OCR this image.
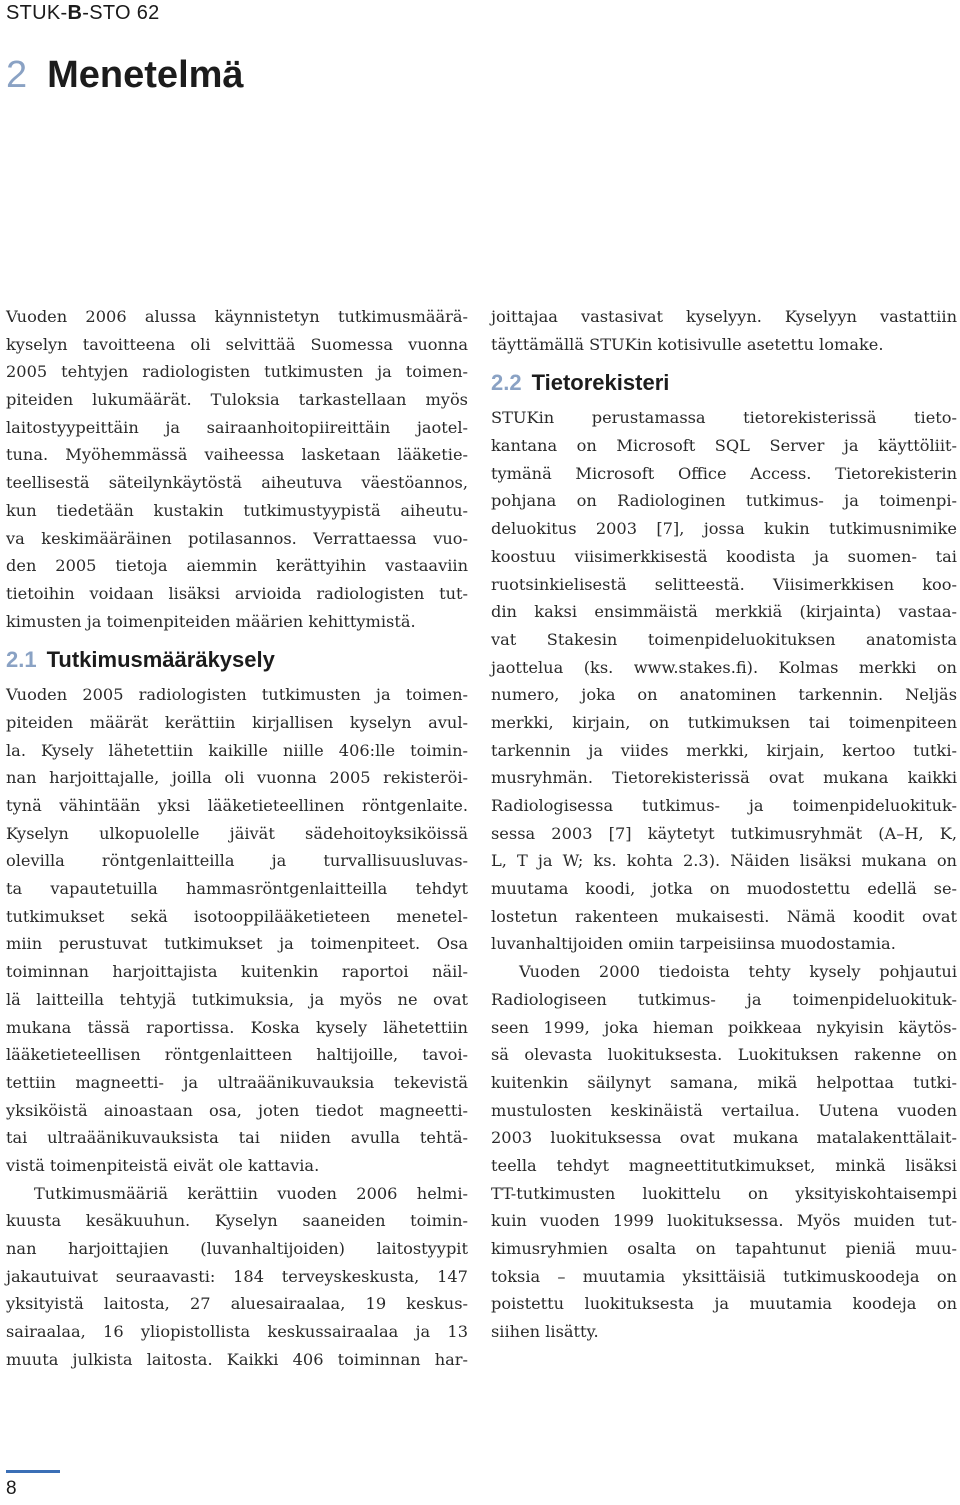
STUK-B-STO 62
2 Menetelmä
Vuoden 2006 alussa käynnistetyn tutkimusmäärä-
kyselyn tavoitteena oli selvittää Suomessa vuonna
2005 tehtyjen radiologisten tutkimusten ja toimen-
piteiden lukumäärät. Tuloksia tarkastellaan myös
laitostyypeittäin ja sairaanhoitopiireittäin jaotel-
tuna. Myöhemmässä vaiheessa lasketaan lääketie-
teellisestä säteilynkäytöstä aiheutuva väestöannos,
kun tiedetään kustakin tutkimustyypistä aiheutu-
va keskimääräinen potilasannos. Verrattaessa vuo-
den 2005 tietoja aiemmin kerättyihin vastaaviin
tietoihin voidaan lisäksi arvioida radiologisten tut-
kimusten ja toimenpiteiden määrien kehittymistä.
2.1 Tutkimusmääräkysely
Vuoden 2005 radiologisten tutkimusten ja toimen-
piteiden määrät kerättiin kirjallisen kyselyn avul-
la. Kysely lähetettiin kaikille niille 406:lle toimin-
nan harjoittajalle, joilla oli vuonna 2005 rekisteröi-
tynä vähintään yksi lääketieteellinen röntgenlaite.
Kyselyn ulkopuolelle jäivät sädehoitoyksiköissä
olevilla röntgenlaitteilla ja turvallisuusluvas-
ta vapautetuilla hammasröntgenlaitteilla tehdyt
tutkimukset sekä isotooppilääketieteen menetel-
miin perustuvat tutkimukset ja toimenpiteet. Osa
toiminnan harjoittajista kuitenkin raportoi näil-
lä laitteilla tehtyjä tutkimuksia, ja myös ne ovat
mukana tässä raportissa. Koska kysely lähetettiin
lääketieteellisen röntgenlaitteen haltijoille, tavoi-
tettiin magneetti- ja ultraäänikuvauksia tekevistä
yksiköistä ainoastaan osa, joten tiedot magneetti-
tai ultraäänikuvauksista tai niiden avulla tehtä-
vistä toimenpiteistä eivät ole kattavia.
Tutkimusmääriä kerättiin vuoden 2006 helmi-
kuusta kesäkuuhun. Kyselyn saaneiden toimin-
nan harjoittajien (luvanhaltijoiden) laitostyypit
jakautuivat seuraavasti: 184 terveyskeskusta, 147
yksityistä laitosta, 27 aluesairaalaa, 19 keskus-
sairaalaa, 16 yliopistollista keskussairaalaa ja 13
muuta julkista laitosta. Kaikki 406 toiminnan har-
joittajaa vastasivat kyselyyn. Kyselyyn vastattiin
täyttämällä STUKin kotisivulle asetettu lomake.
2.2 Tietorekisteri
STUKin perustamassa tietorekisterissä tieto-
kantana on Microsoft SQL Server ja käyttöliit-
tymänä Microsoft Office Access. Tietorekisterin
pohjana on Radiologinen tutkimus- ja toimenpi-
deluokitus 2003 [7], jossa kukin tutkimusnimike
koostuu viisimerkkisestä koodista ja suomen- tai
ruotsinkielisestä selitteestä. Viisimerkkisen koo-
din kaksi ensimmäistä merkkiä (kirjainta) vastaa-
vat Stakesin toimenpideluokituksen anatomista
jaottelua (ks. www.stakes.fi). Kolmas merkki on
numero, joka on anatominen tarkennin. Neljäs
merkki, kirjain, on tutkimuksen tai toimenpiteen
tarkennin ja viides merkki, kirjain, kertoo tutki-
musryhmän. Tietorekisterissä ovat mukana kaikki
Radiologisessa tutkimus- ja toimenpideluokituk-
sessa 2003 [7] käytetyt tutkimusryhmät (A–H, K,
L, T ja W; ks. kohta 2.3). Näiden lisäksi mukana on
muutama koodi, jotka on muodostettu edellä se-
lostetun rakenteen mukaisesti. Nämä koodit ovat
luvanhaltijoiden omiin tarpeisiinsa muodostamia.
Vuoden 2000 tiedoista tehty kysely pohjautui
Radiologiseen tutkimus- ja toimenpideluokituk-
seen 1999, joka hieman poikkeaa nykyisin käytös-
sä olevasta luokituksesta. Luokituksen rakenne on
kuitenkin säilynyt samana, mikä helpottaa tutki-
mustulosten keskinäistä vertailua. Uutena vuoden
2003 luokituksessa ovat mukana matalakenttälait-
teella tehdyt magneettitutkimukset, minkä lisäksi
TT-tutkimusten luokittelu on yksityiskohtaisempi
kuin vuoden 1999 luokituksessa. Myös muiden tut-
kimusryhmien osalta on tapahtunut pieniä muu-
toksia – muutamia yksittäisiä tutkimuskoodeja on
poistettu luokituksesta ja muutamia koodeja on
siihen lisätty.
8
